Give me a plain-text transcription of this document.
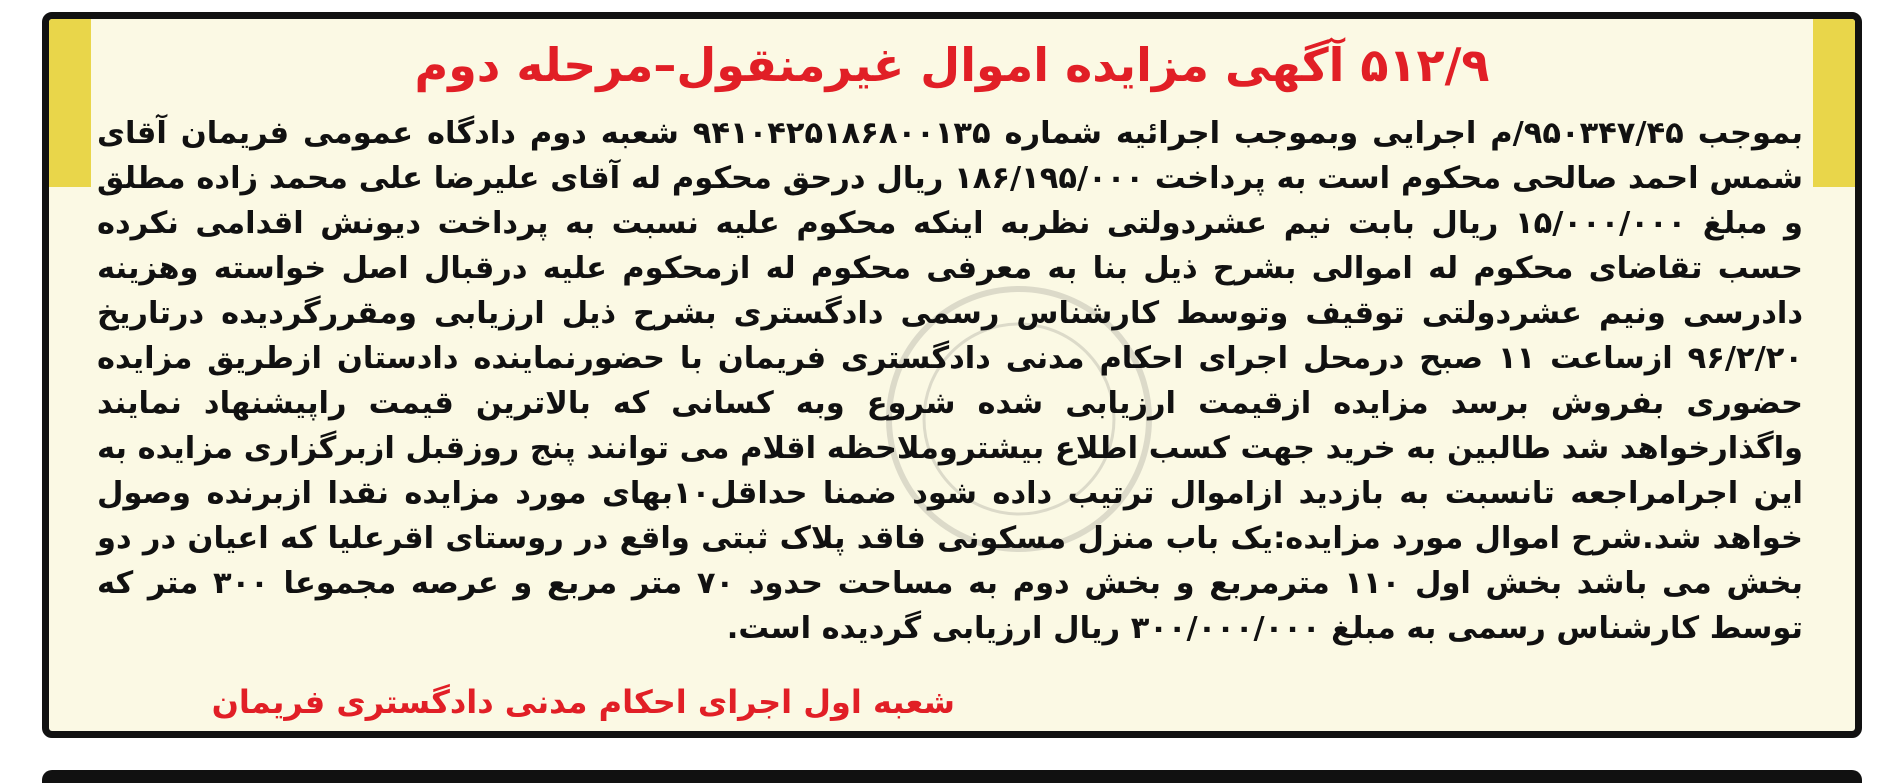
۵۱۲/۹ آگهی مزایده اموال غیرمنقول–مرحله دوم

بموجب ۹۵۰۳۴۷/۴۵/م اجرایی وبموجب اجرائیه شماره ۹۴۱۰۴۲۵۱۸۶۸۰۰۱۳۵ شعبه دوم دادگاه عمومی فریمان آقای شمس احمد صالحی محکوم است به پرداخت ۱۸۶/۱۹۵/۰۰۰ ریال درحق محکوم له آقای علیرضا علی محمد زاده مطلق و مبلغ ۱۵/۰۰۰/۰۰۰ ریال بابت نیم عشردولتی نظربه اینکه محکوم علیه نسبت به پرداخت دیونش اقدامی نکرده حسب تقاضای محکوم له اموالی بشرح ذیل بنا به معرفی محکوم له ازمحکوم علیه درقبال اصل خواسته وهزینه دادرسی ونیم عشردولتی توقیف وتوسط کارشناس رسمی دادگستری بشرح ذیل ارزیابی ومقررگردیده درتاریخ ۹۶/۲/۲۰ ازساعت ۱۱ صبح درمحل اجرای احکام مدنی دادگستری فریمان با حضورنماینده دادستان ازطریق مزایده حضوری بفروش برسد مزایده ازقیمت ارزیابی شده شروع وبه کسانی که بالاترین قیمت راپیشنهاد نمایند واگذارخواهد شد طالبین به خرید جهت کسب اطلاع بیشتروملاحظه اقلام می توانند پنج روزقبل ازبرگزاری مزایده به این اجرامراجعه تانسبت به بازدید ازاموال ترتیب داده شود ضمنا حداقل۱۰بهای مورد مزایده نقدا ازبرنده وصول خواهد شد.شرح اموال مورد مزایده:یک باب منزل مسکونی فاقد پلاک ثبتی واقع در روستای اقرعلیا که اعیان در دو بخش می باشد بخش اول ۱۱۰ مترمربع و بخش دوم به مساحت حدود ۷۰ متر مربع و عرصه مجموعا ۳۰۰ متر که توسط کارشناس رسمی به مبلغ ۳۰۰/۰۰۰/۰۰۰ ریال ارزیابی گردیده است.

شعبه اول اجرای احکام مدنی دادگستری فریمان
